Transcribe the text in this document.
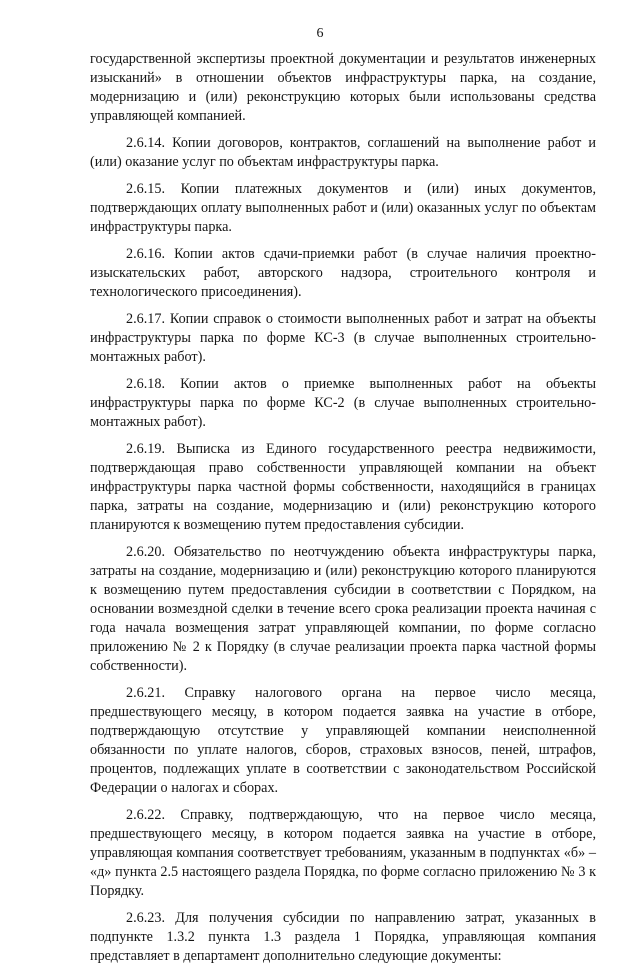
6

государственной экспертизы проектной документации и результатов инженерных изысканий» в отношении объектов инфраструктуры парка, на создание, модернизацию и (или) реконструкцию которых были использованы средства управляющей компанией.

2.6.14. Копии договоров, контрактов, соглашений на выполнение работ и (или) оказание услуг по объектам инфраструктуры парка.

2.6.15. Копии платежных документов и (или) иных документов, подтверждающих оплату выполненных работ и (или) оказанных услуг по объектам инфраструктуры парка.

2.6.16. Копии актов сдачи-приемки работ (в случае наличия проектно-изыскательских работ, авторского надзора, строительного контроля и технологического присоединения).

2.6.17. Копии справок о стоимости выполненных работ и затрат на объекты инфраструктуры парка по форме КС-3 (в случае выполненных строительно-монтажных работ).

2.6.18. Копии актов о приемке выполненных работ на объекты инфраструктуры парка по форме КС-2 (в случае выполненных строительно-монтажных работ).

2.6.19. Выписка из Единого государственного реестра недвижимости, подтверждающая право собственности управляющей компании на объект инфраструктуры парка частной формы собственности, находящийся в границах парка, затраты на создание, модернизацию и (или) реконструкцию которого планируются к возмещению путем предоставления субсидии.

2.6.20. Обязательство по неотчуждению объекта инфраструктуры парка, затраты на создание, модернизацию и (или) реконструкцию которого планируются к возмещению путем предоставления субсидии в соответствии с Порядком, на основании возмездной сделки в течение всего срока реализации проекта начиная с года начала возмещения затрат управляющей компании, по форме согласно приложению № 2 к Порядку (в случае реализации проекта парка частной формы собственности).

2.6.21. Справку налогового органа на первое число месяца, предшествующего месяцу, в котором подается заявка на участие в отборе, подтверждающую отсутствие у управляющей компании неисполненной обязанности по уплате налогов, сборов, страховых взносов, пеней, штрафов, процентов, подлежащих уплате в соответствии с законодательством Российской Федерации о налогах и сборах.

2.6.22. Справку, подтверждающую, что на первое число месяца, предшествующего месяцу, в котором подается заявка на участие в отборе, управляющая компания соответствует требованиям, указанным в подпунктах «б» – «д» пункта 2.5 настоящего раздела Порядка, по форме согласно приложению № 3 к Порядку.

2.6.23. Для получения субсидии по направлению затрат, указанных в подпункте 1.3.2 пункта 1.3 раздела 1 Порядка, управляющая компания представляет в департамент дополнительно следующие документы:
